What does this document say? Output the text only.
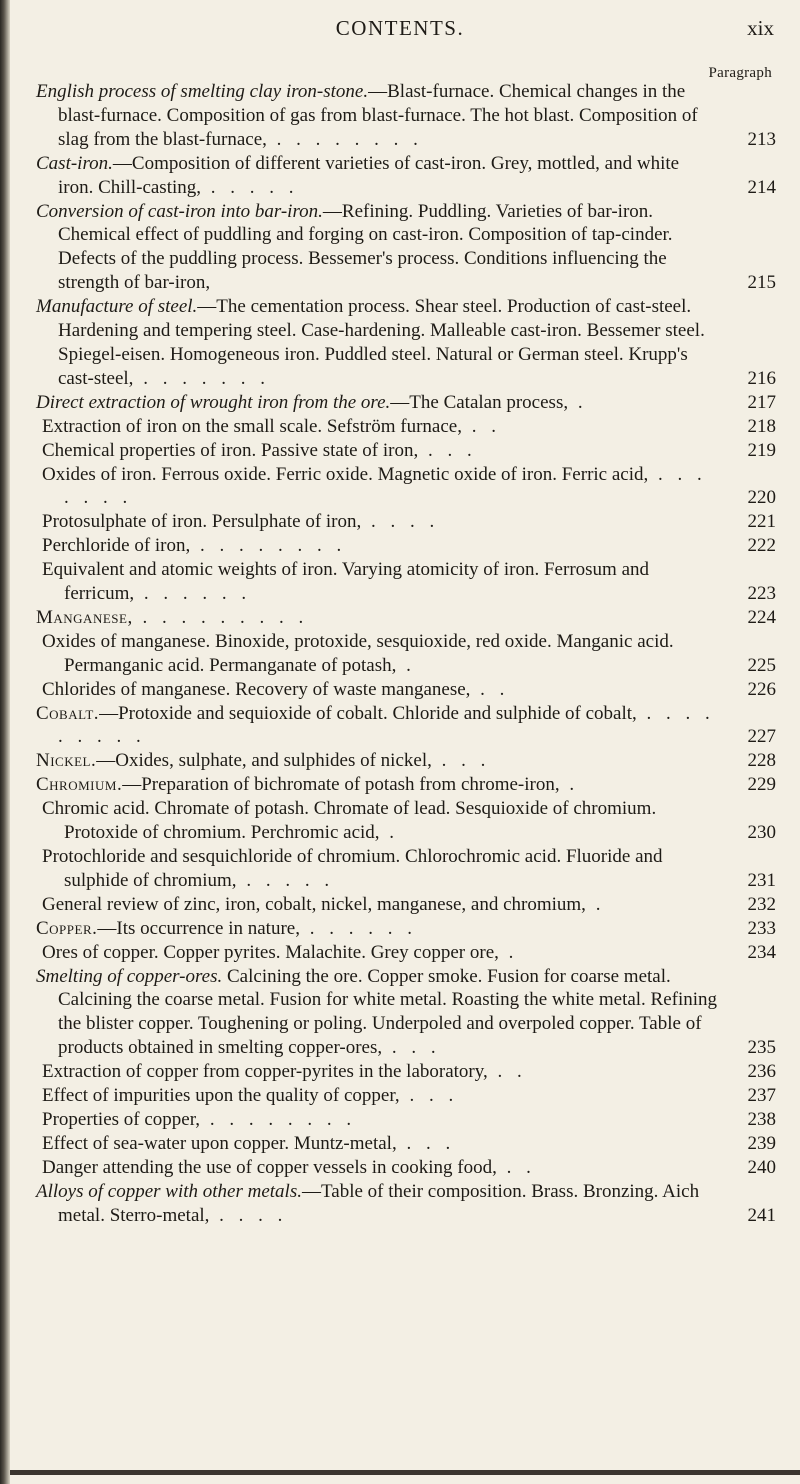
CONTENTS.	xix
Paragraph
English process of smelting clay iron-stone.—Blast-furnace. Chemical changes in the blast-furnace. Composition of gas from blast-furnace. The hot blast. Composition of slag from the blast-furnace, . . . . . . . .	213
Cast-iron.—Composition of different varieties of cast-iron. Grey, mottled, and white iron. Chill-casting, . . . . .	214
Conversion of cast-iron into bar-iron.—Refining. Puddling. Varieties of bar-iron. Chemical effect of puddling and forging on cast-iron. Composition of tap-cinder. Defects of the puddling process. Bessemer's process. Conditions influencing the strength of bar-iron,	215
Manufacture of steel.—The cementation process. Shear steel. Production of cast-steel. Hardening and tempering steel. Case-hardening. Malleable cast-iron. Bessemer steel. Spiegel-eisen. Homogeneous iron. Puddled steel. Natural or German steel. Krupp's cast-steel, . . . . . . .	216
Direct extraction of wrought iron from the ore.—The Catalan process, .	217
Extraction of iron on the small scale. Sefström furnace, . .	218
Chemical properties of iron. Passive state of iron, . . .	219
Oxides of iron. Ferrous oxide. Ferric oxide. Magnetic oxide of iron. Ferric acid, . . . . . . .	220
Protosulphate of iron. Persulphate of iron, . . . .	221
Perchloride of iron, . . . . . . . .	222
Equivalent and atomic weights of iron. Varying atomicity of iron. Ferrosum and ferricum, . . . . . .	223
Manganese, . . . . . . . . .	224
Oxides of manganese. Binoxide, protoxide, sesquioxide, red oxide. Manganic acid. Permanganic acid. Permanganate of potash, .	225
Chlorides of manganese. Recovery of waste manganese, . .	226
Cobalt.—Protoxide and sequioxide of cobalt. Chloride and sulphide of cobalt, . . . . . . . . .	227
Nickel.—Oxides, sulphate, and sulphides of nickel, . . .	228
Chromium.—Preparation of bichromate of potash from chrome-iron, .	229
Chromic acid. Chromate of potash. Chromate of lead. Sesquioxide of chromium. Protoxide of chromium. Perchromic acid, .	230
Protochloride and sesquichloride of chromium. Chlorochromic acid. Fluoride and sulphide of chromium, . . . . .	231
General review of zinc, iron, cobalt, nickel, manganese, and chromium, .	232
Copper.—Its occurrence in nature, . . . . . .	233
Ores of copper. Copper pyrites. Malachite. Grey copper ore, .	234
Smelting of copper-ores. Calcining the ore. Copper smoke. Fusion for coarse metal. Calcining the coarse metal. Fusion for white metal. Roasting the white metal. Refining the blister copper. Toughening or poling. Underpoled and overpoled copper. Table of products obtained in smelting copper-ores, . . .	235
Extraction of copper from copper-pyrites in the laboratory, . .	236
Effect of impurities upon the quality of copper, . . .	237
Properties of copper, . . . . . . . .	238
Effect of sea-water upon copper. Muntz-metal, . . .	239
Danger attending the use of copper vessels in cooking food, . .	240
Alloys of copper with other metals.—Table of their composition. Brass. Bronzing. Aich metal. Sterro-metal, . . . .	241
